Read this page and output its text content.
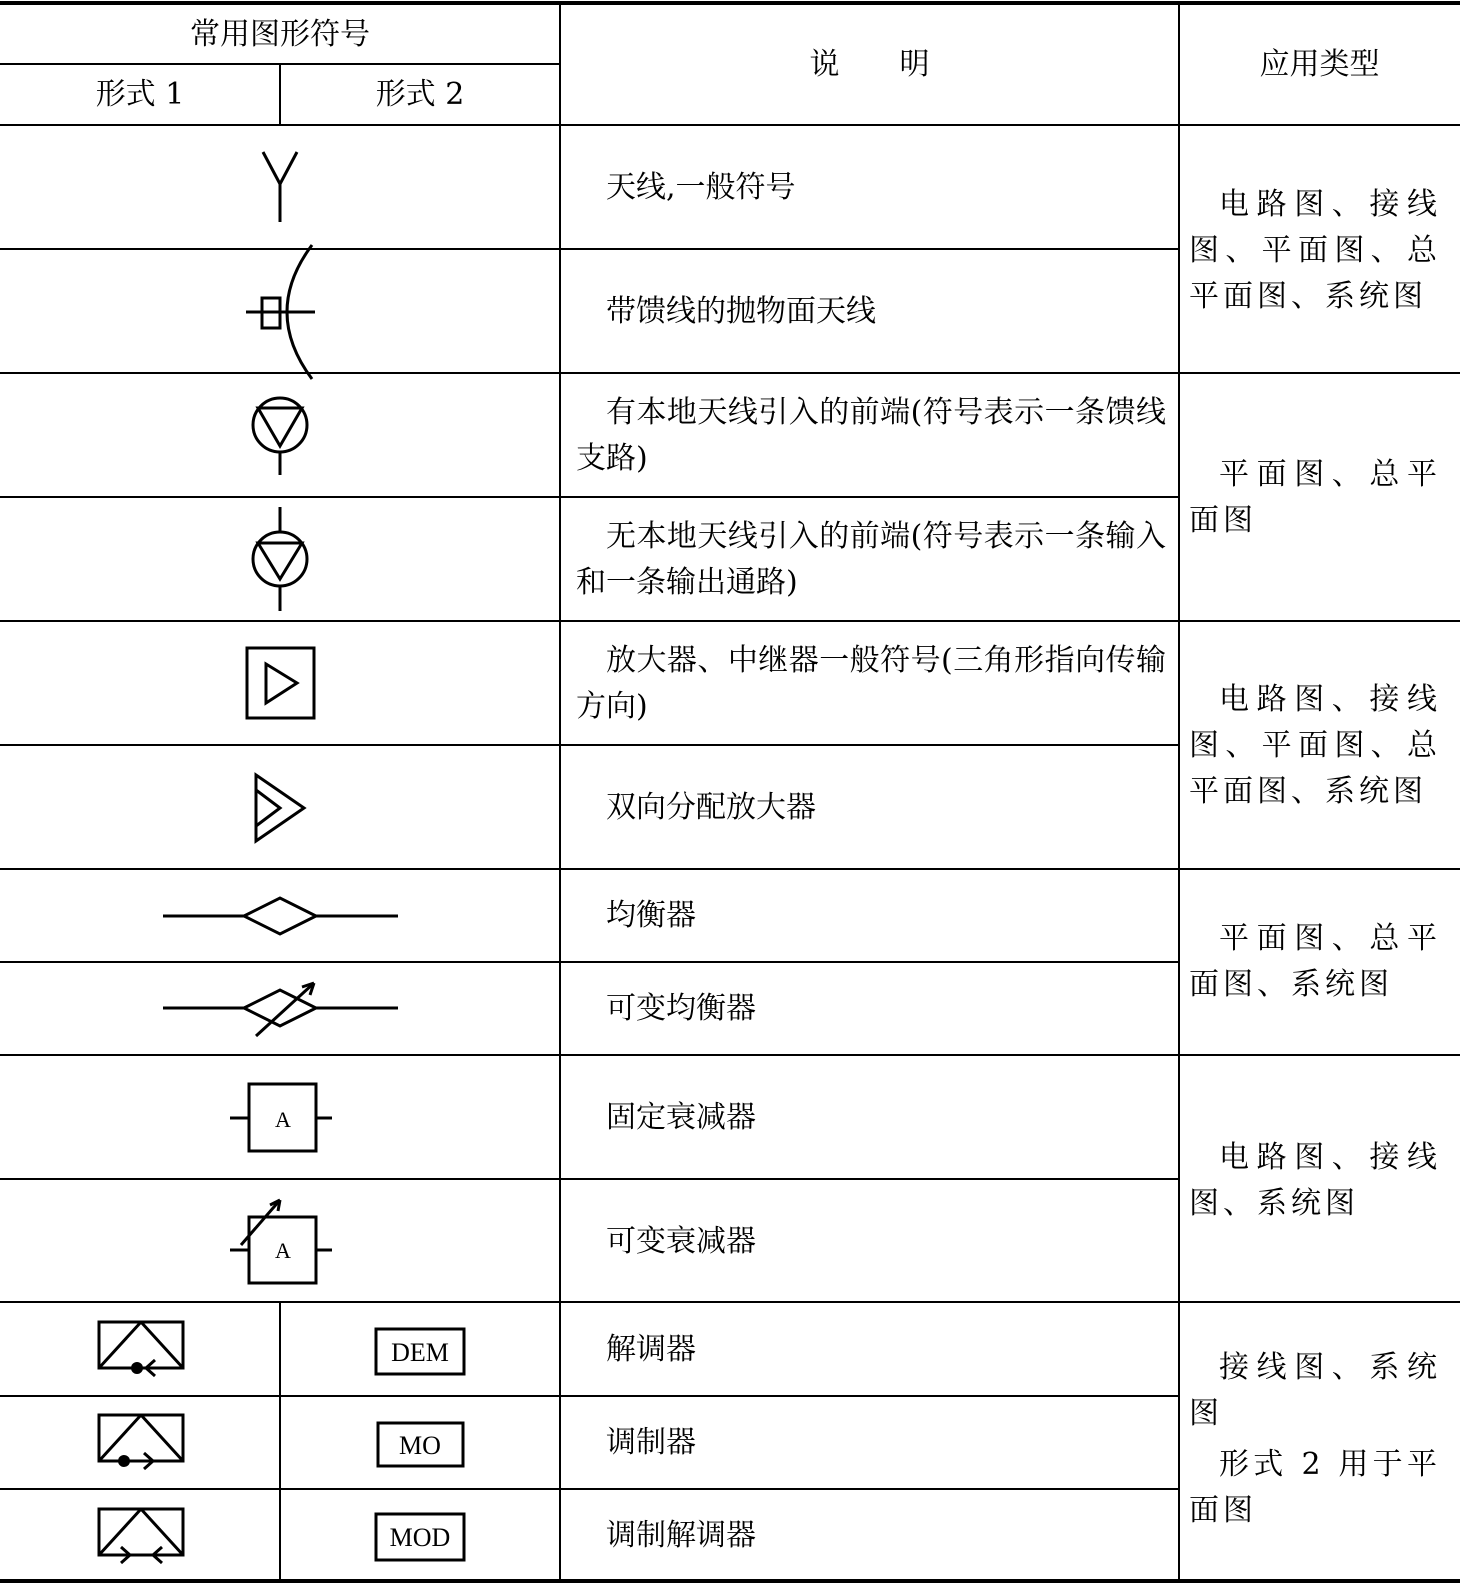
A
A
DEM
MO
MOD
常用图形符号
形式 1	形式 2
说　　明	应用类型
天线,一般符号
带馈线的抛物面天线
有本地天线引入的前端(符号表示一条馈线支路)
无本地天线引入的前端(符号表示一条输入和一条输出通路)
放大器、中继器一般符号(三角形指向传输方向)
双向分配放大器
均衡器
可变均衡器
固定衰减器
可变衰减器
解调器
调制器
调制解调器
电路图、接线图、平面图、总平面图、系统图
平面图、总平面图
电路图、接线图、平面图、总平面图、系统图
平面图、总平面图、系统图
电路图、接线图、系统图
接线图、系统图
形式 2 用于平面图
